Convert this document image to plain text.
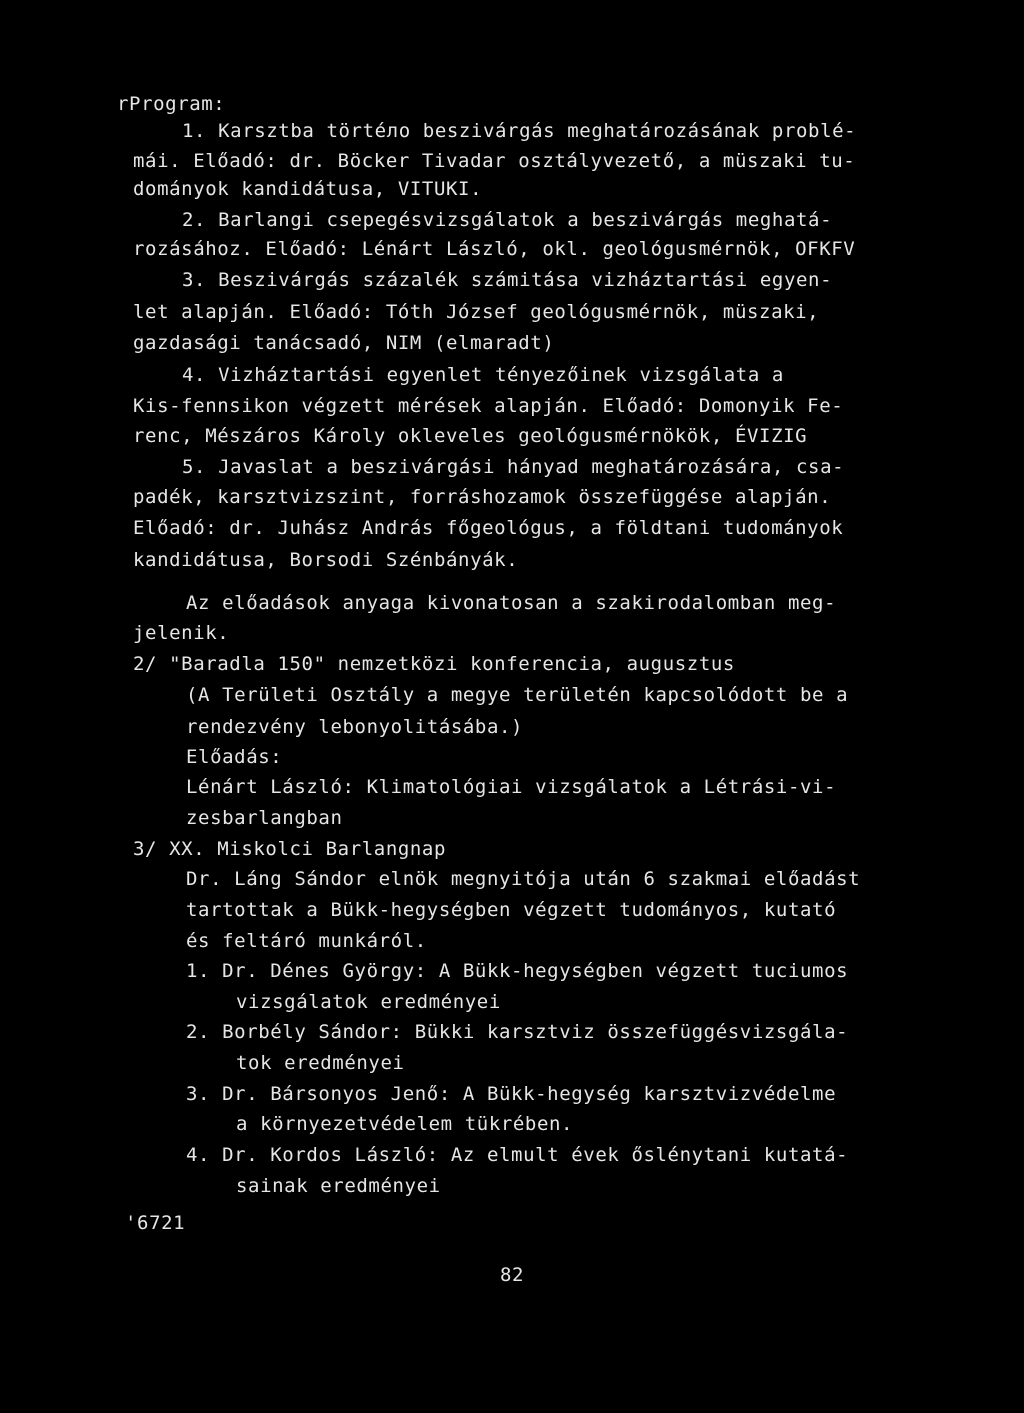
rProgram:
1. Karsztba törtéло beszivárgás meghatározásának problé-
mái. Előadó: dr. Böcker Tivadar osztályvezető, a müszaki tu-
dományok kandidátusa, VITUKI.
2. Barlangi csepegésvizsgálatok a beszivárgás meghatá-
rozásához. Előadó: Lénárt László, okl. geológusmérnök, OFKFV
3. Beszivárgás százalék számitása vizháztartási egyen-
let alapján. Előadó: Tóth József geológusmérnök, müszaki,
gazdasági tanácsadó, NIM (elmaradt)
4. Vizháztartási egyenlet tényezőinek vizsgálata a
Kis-fennsikon végzett mérések alapján. Előadó: Domonyik Fe-
renc, Mészáros Károly okleveles geológusmérnökök, ÉVIZIG
5. Javaslat a beszivárgási hányad meghatározására, csa-
padék, karsztvizszint, forráshozamok összefüggése alapján.
Előadó: dr. Juhász András főgeológus, a földtani tudományok
kandidátusa, Borsodi Szénbányák.
Az előadások anyaga kivonatosan a szakirodalomban meg-
jelenik.
2/ "Baradla 150" nemzetközi konferencia, augusztus
(A Területi Osztály a megye területén kapcsolódott be a
rendezvény lebonyolitásába.)
Előadás:
Lénárt László: Klimatológiai vizsgálatok a Létrási-vi-
zesbarlangban
3/ XX. Miskolci Barlangnap
Dr. Láng Sándor elnök megnyitója után 6 szakmai előadást
tartottak a Bükk-hegységben végzett tudományos, kutató
és feltáró munkáról.
1. Dr. Dénes György: A Bükk-hegységben végzett tuciumos
vizsgálatok eredményei
2. Borbély Sándor: Bükki karsztviz összefüggésvizsgála-
tok eredményei
3. Dr. Bársonyos Jenő: A Bükk-hegység karsztvizvédelme
a környezetvédelem tükrében.
4. Dr. Kordos László: Az elmult évek őslénytani kutatá-
sainak eredményei
'6721
82
